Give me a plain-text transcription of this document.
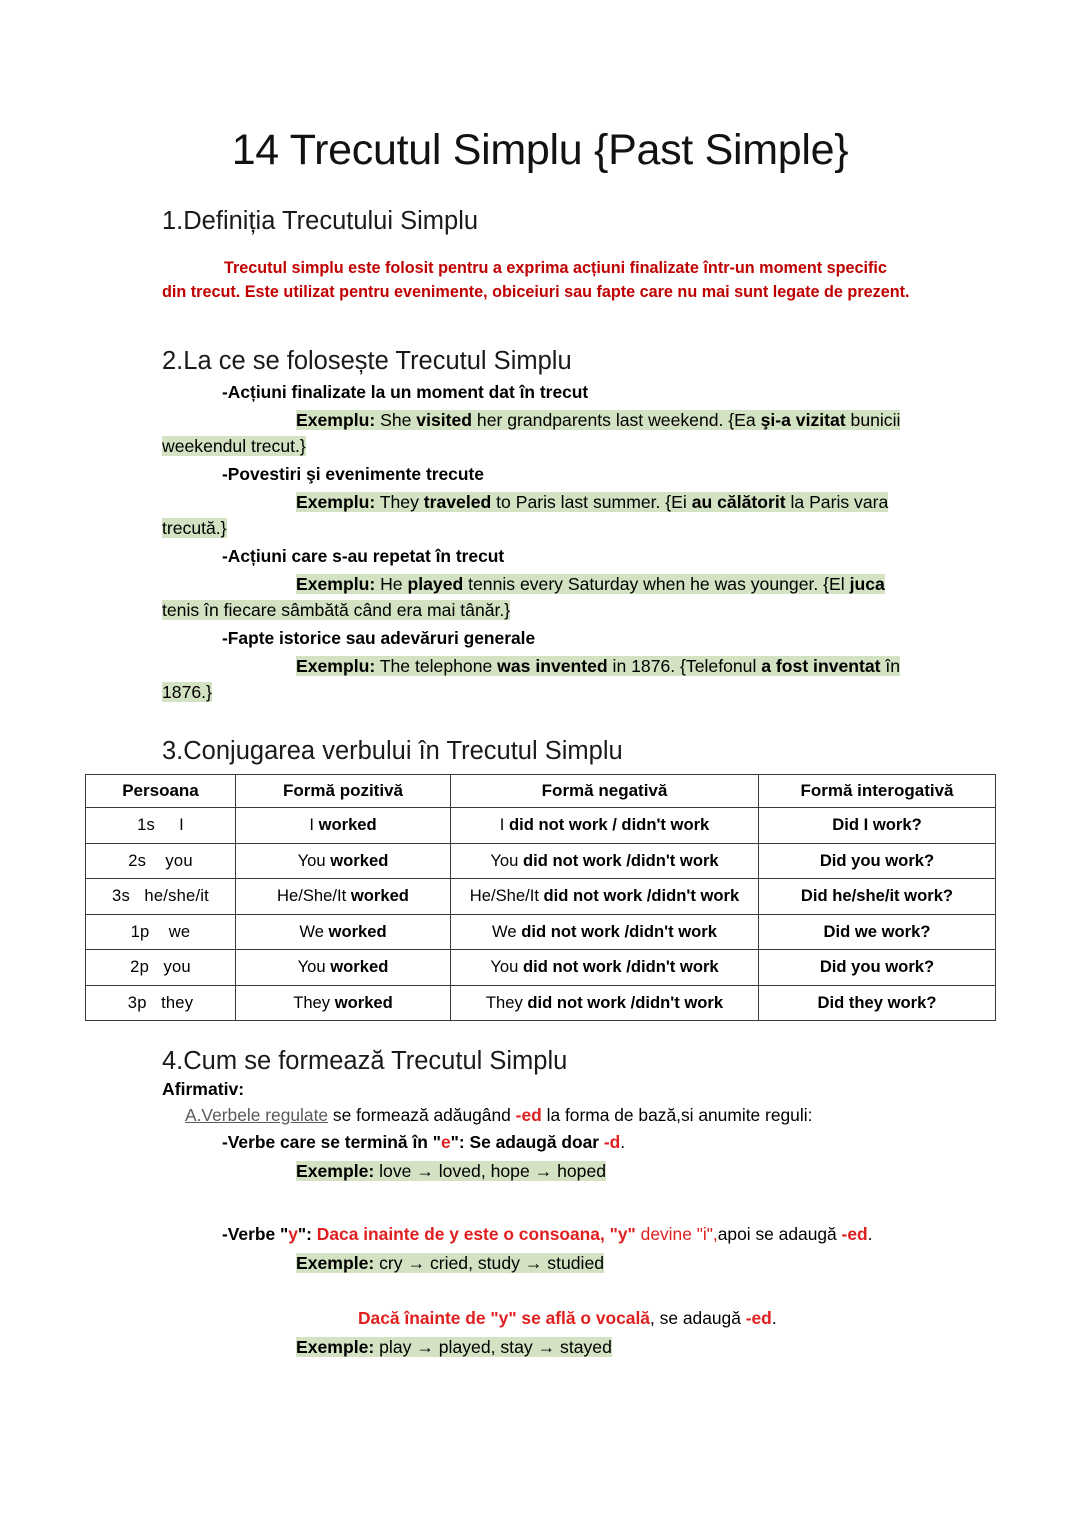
14 Trecutul Simplu {Past Simple}
1.Definiția Trecutului Simplu

Trecutul simplu este folosit pentru a exprima acțiuni finalizate într-un moment specific din trecut. Este utilizat pentru evenimente, obiceiuri sau fapte care nu mai sunt legate de prezent.

2.La ce se folosește Trecutul Simplu
-Acțiuni finalizate la un moment dat în trecut
Exemplu: She visited her grandparents last weekend. {Ea şi-a vizitat bunicii weekendul trecut.}
-Povestiri şi evenimente trecute
Exemplu: They traveled to Paris last summer. {Ei au călătorit la Paris vara trecută.}
-Acțiuni care s-au repetat în trecut
Exemplu: He played tennis every Saturday when he was younger. {El juca tenis în fiecare sâmbătă când era mai tânăr.}
-Fapte istorice sau adevăruri generale
Exemplu: The telephone was invented in 1876. {Telefonul a fost inventat în 1876.}
3.Conjugarea verbului în Trecutul Simplu
Persoana	Formă pozitivă	Formă negativă	Formă interogativă
1s I	I worked	I did not work / didn't work	Did I work?
2s you	You worked	You did not work /didn't work	Did you work?
3s he/she/it	He/She/It worked	He/She/It did not work /didn't work	Did he/she/it work?
1p we	We worked	We did not work /didn't work	Did we work?
2p you	You worked	You did not work /didn't work	Did you work?
3p they	They worked	They did not work /didn't work	Did they work?
4.Cum se formează Trecutul Simplu
Afirmativ:
A.Verbele regulate se formează adăugând -ed la forma de bază,si anumite reguli:
-Verbe care se termină în "e": Se adaugă doar -d.
Exemple: love → loved, hope → hoped
-Verbe "y": Daca inainte de y este o consoana, "y" devine "i",apoi se adaugă -ed.
Exemple: cry → cried, study → studied
Dacă înainte de "y" se află o vocală, se adaugă -ed.
Exemple: play → played, stay → stayed
